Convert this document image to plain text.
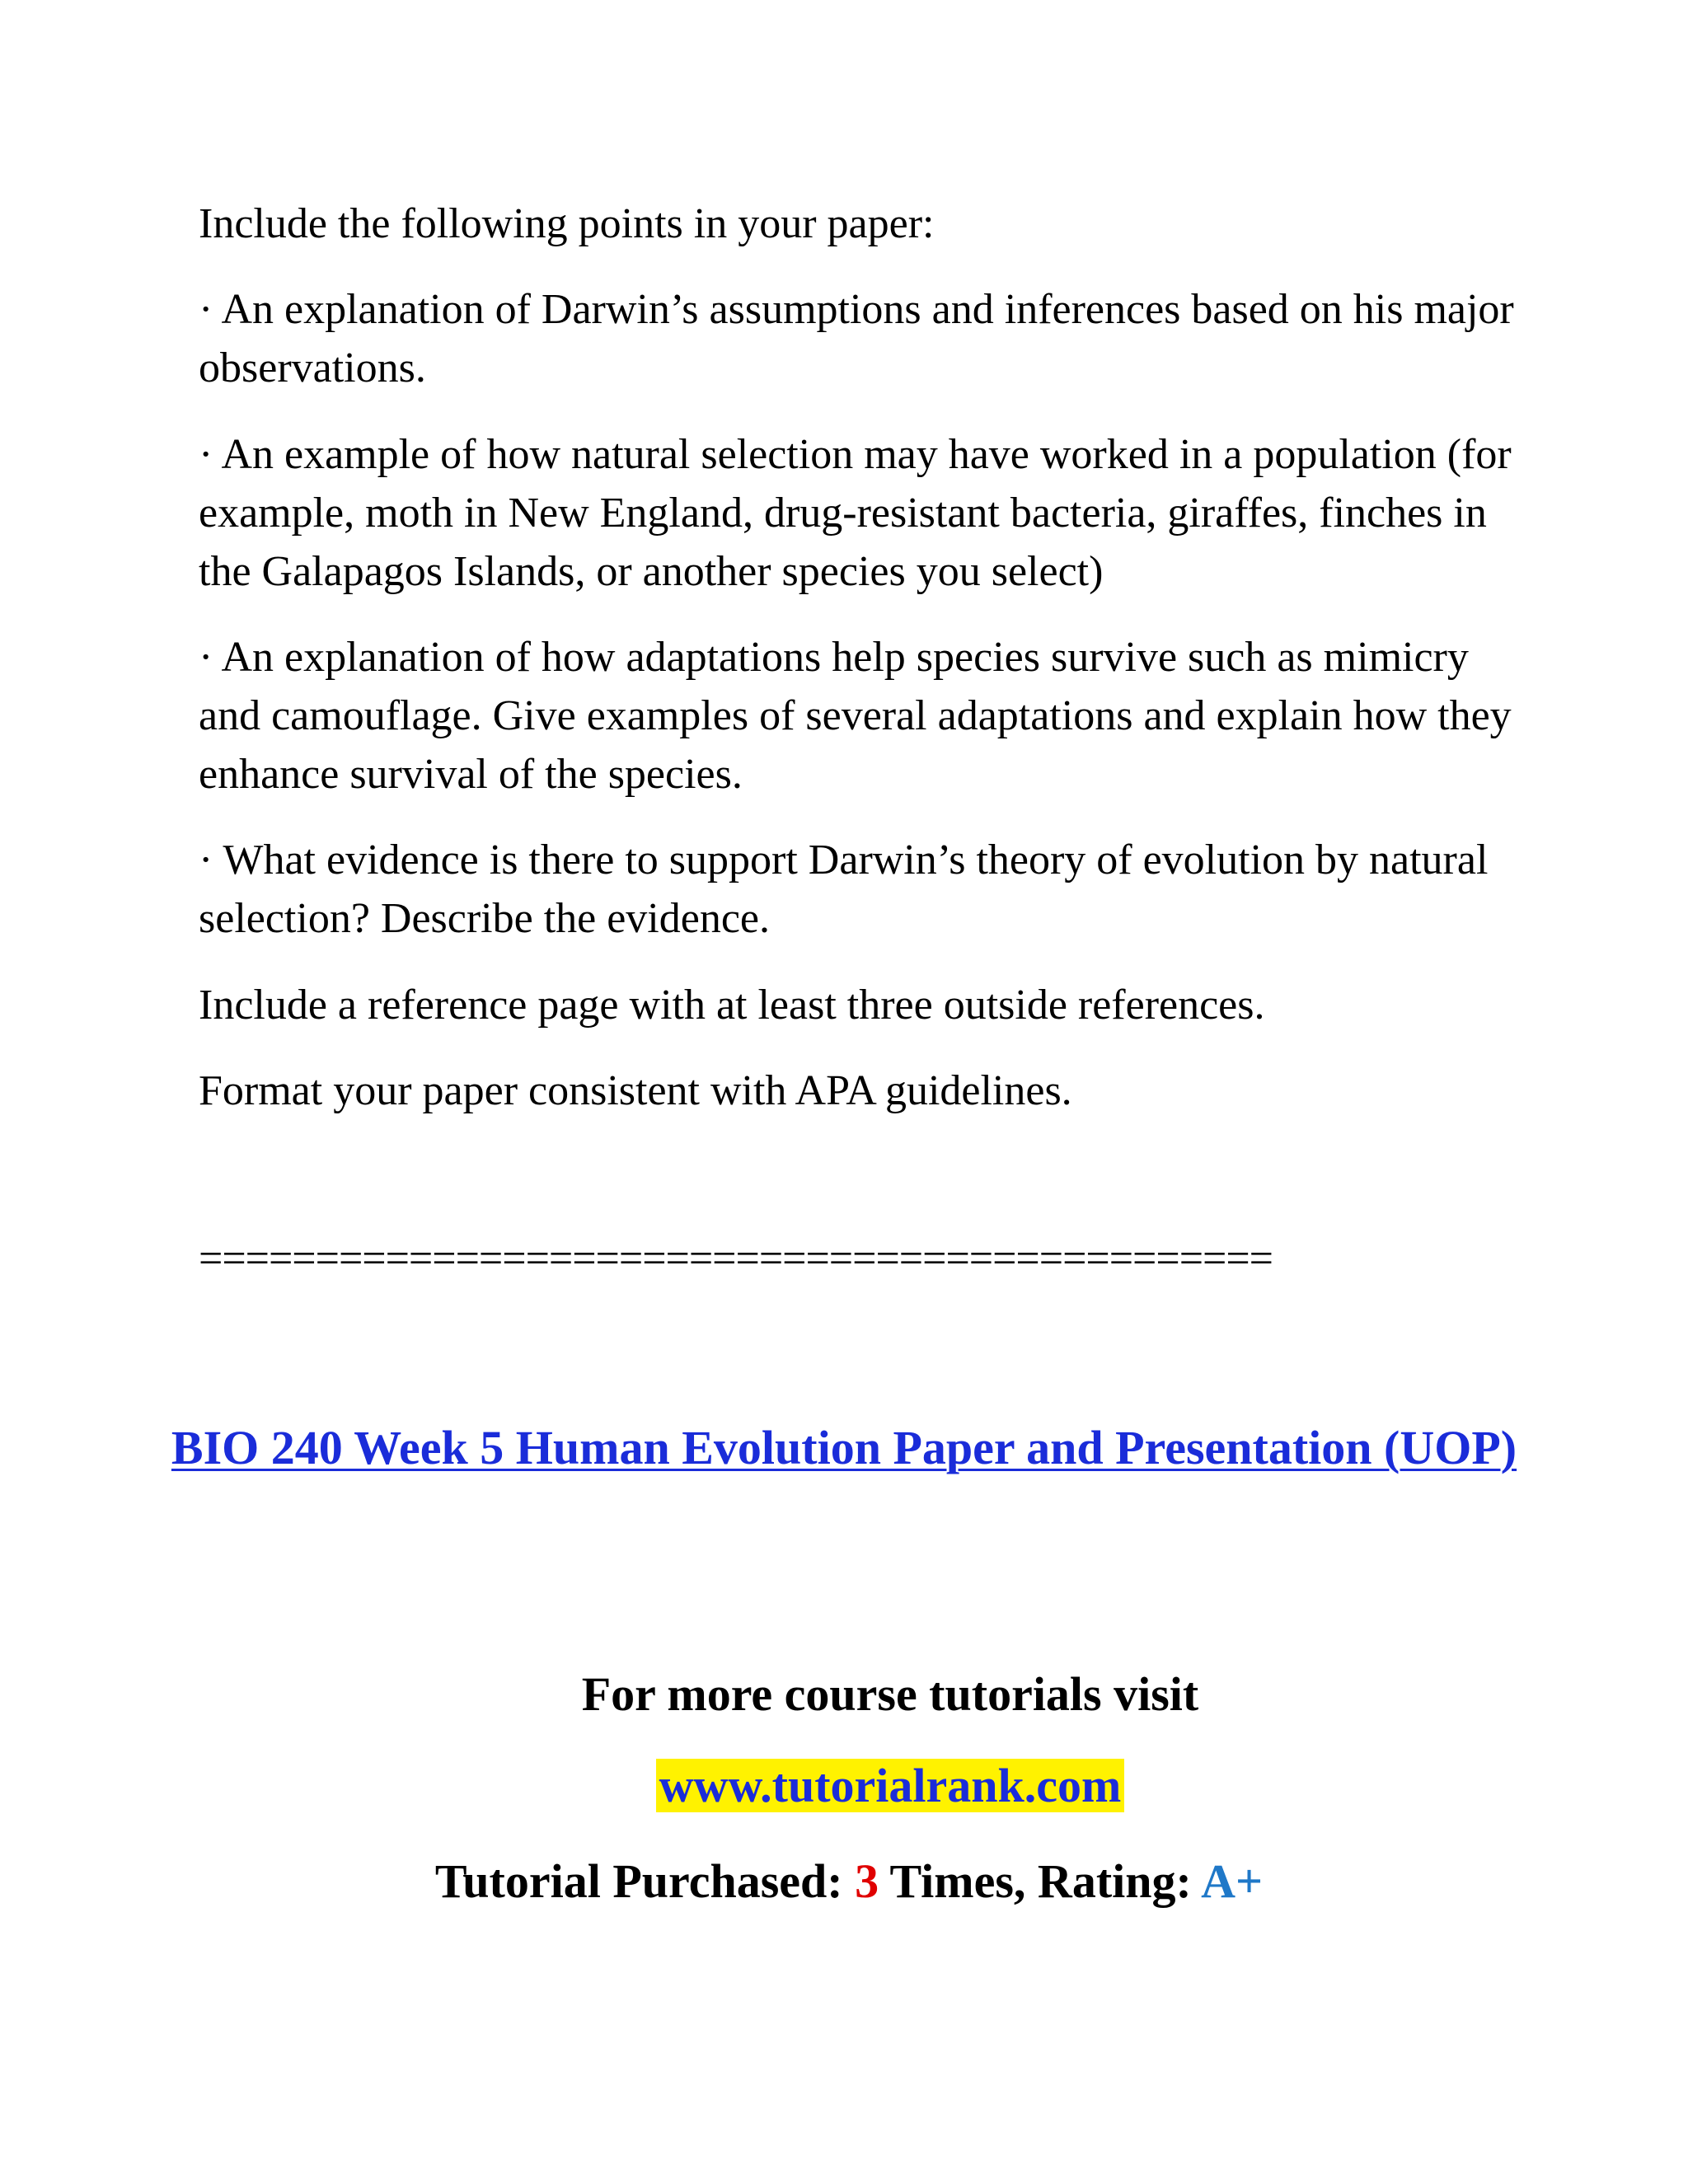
Include the following points in your paper:

· An explanation of Darwin’s assumptions and inferences based on his major observations.

· An example of how natural selection may have worked in a population (for example, moth in New England, drug-resistant bacteria, giraffes, finches in the Galapagos Islands, or another species you select)

· An explanation of how adaptations help species survive such as mimicry and camouflage. Give examples of several adaptations and explain how they enhance survival of the species.

· What evidence is there to support Darwin’s theory of evolution by natural selection? Describe the evidence.

Include a reference page with at least three outside references.

Format your paper consistent with APA guidelines.

==============================================

BIO 240 Week 5 Human Evolution Paper and Presentation (UOP)

For more course tutorials visit

www.tutorialrank.com

Tutorial Purchased: 3 Times, Rating: A+
